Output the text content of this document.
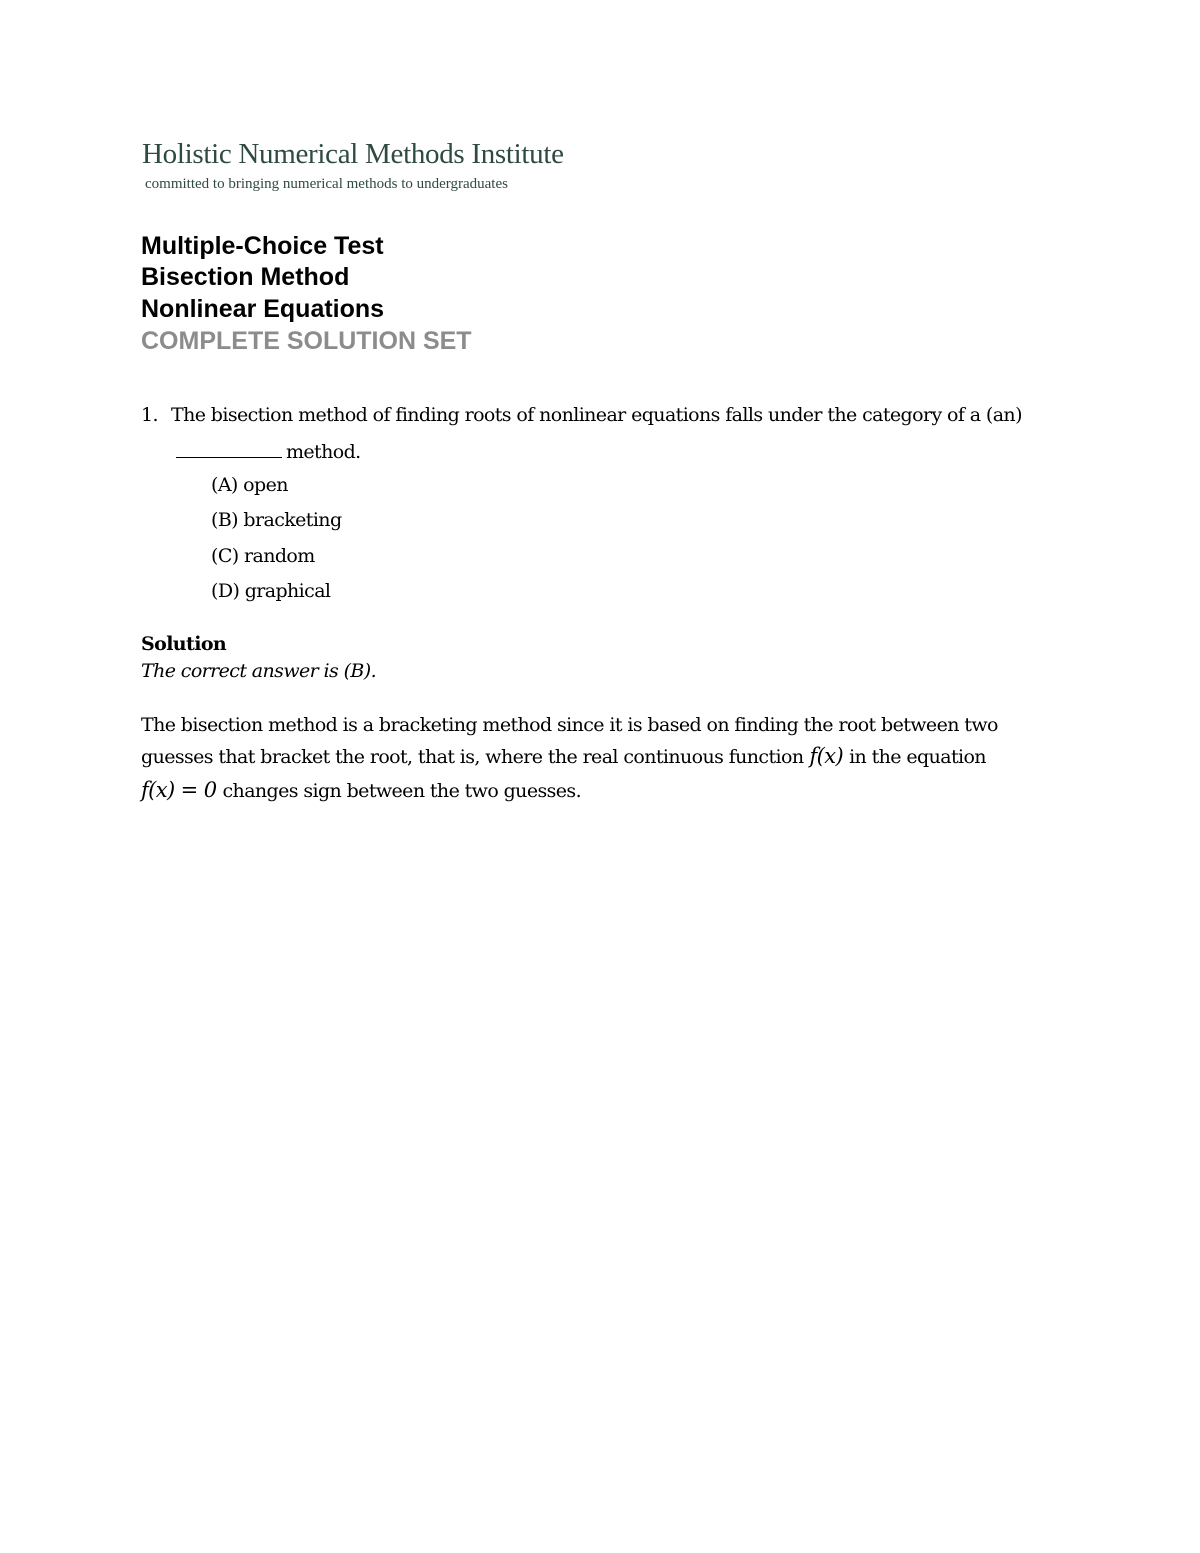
Holistic Numerical Methods Institute
committed to bringing numerical methods to undergraduates
Multiple-Choice Test
Bisection Method
Nonlinear Equations
COMPLETE SOLUTION SET
1. The bisection method of finding roots of nonlinear equations falls under the category of a (an)
method.
(A) open
(B) bracketing
(C) random
(D) graphical
Solution
The correct answer is (B).
The bisection method is a bracketing method since it is based on finding the root between two
guesses that bracket the root, that is, where the real continuous function f(x) in the equation
f(x) = 0 changes sign between the two guesses.
